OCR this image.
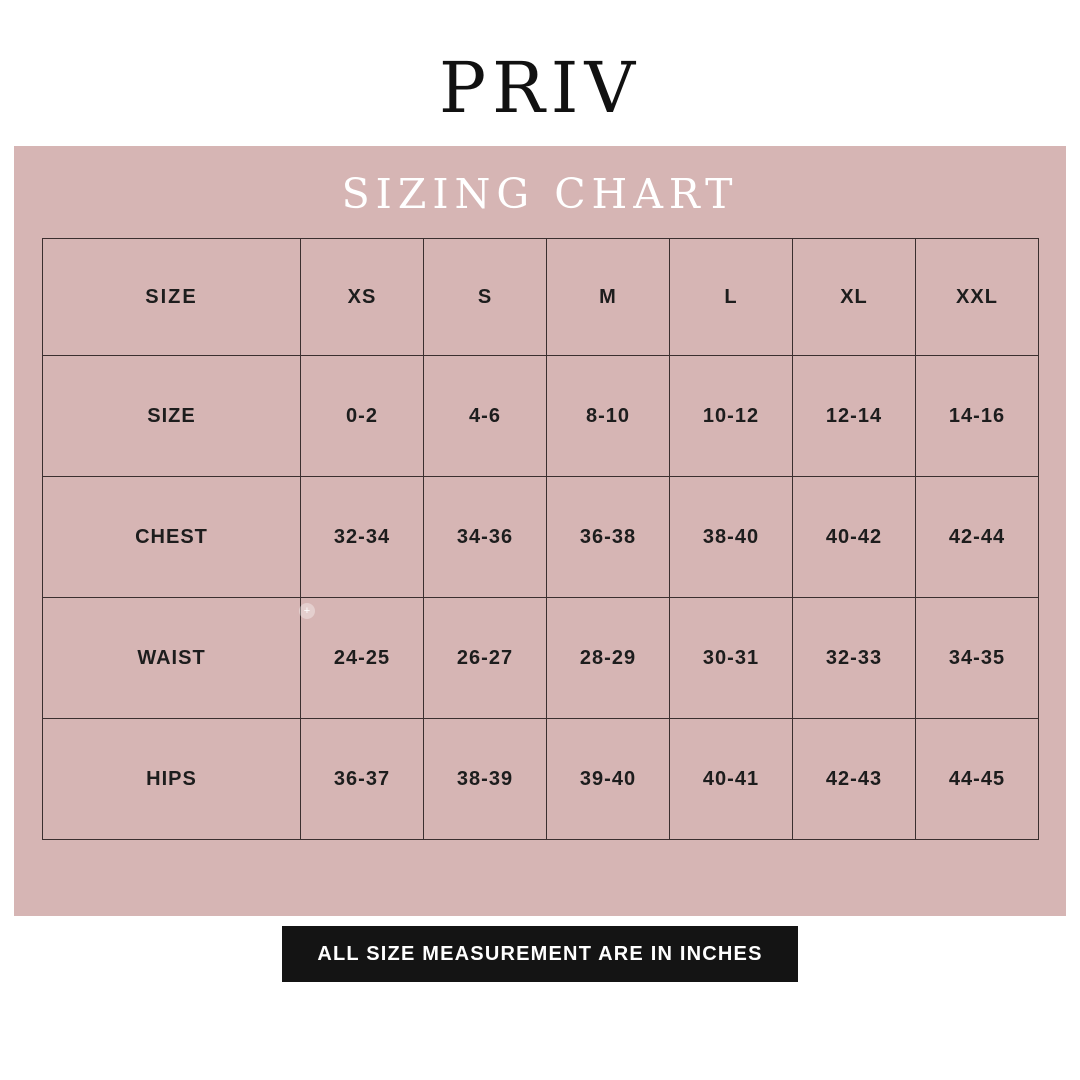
PRIV
SIZING CHART
SIZE	XS	S	M	L	XL	XXL
SIZE	0-2	4-6	8-10	10-12	12-14	14-16
CHEST	32-34	34-36	36-38	38-40	40-42	42-44
WAIST	24-25	26-27	28-29	30-31	32-33	34-35
HIPS	36-37	38-39	39-40	40-41	42-43	44-45
+
ALL SIZE MEASUREMENT ARE IN INCHES
